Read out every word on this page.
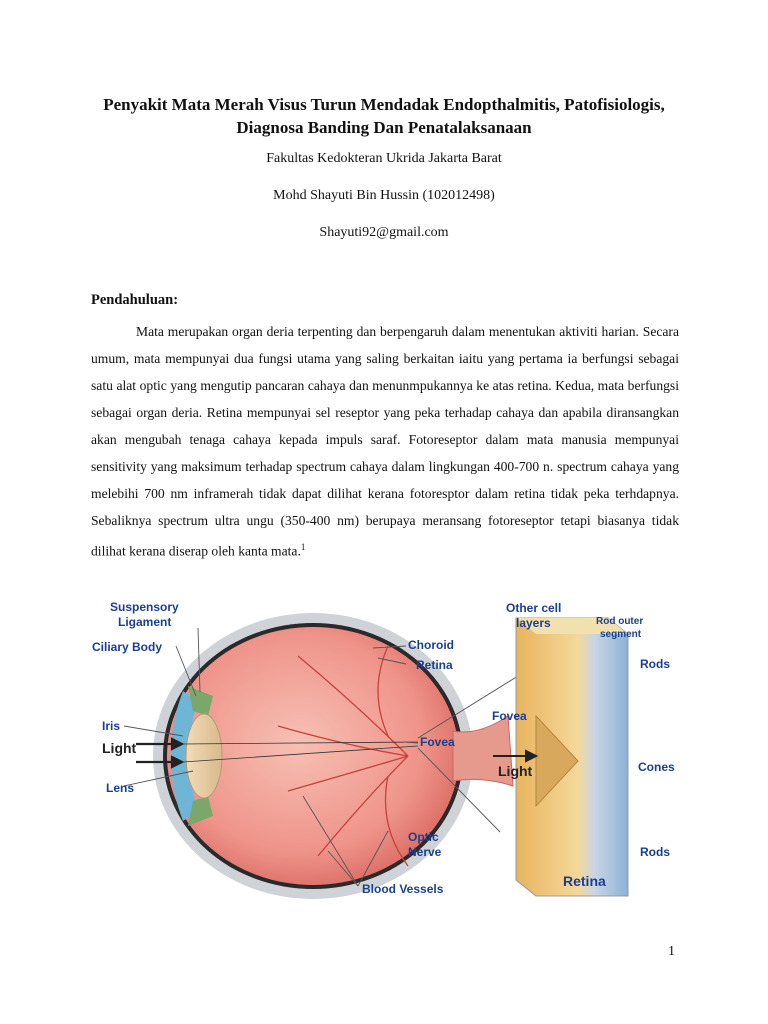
Penyakit Mata Merah Visus Turun Mendadak Endopthalmitis, Patofisiologis,
Diagnosa Banding Dan Penatalaksanaan
Fakultas Kedokteran Ukrida Jakarta Barat
Mohd Shayuti Bin Hussin (102012498)
Shayuti92@gmail.com
Pendahuluan:
Mata merupakan organ deria terpenting dan berpengaruh dalam menentukan aktiviti harian. Secara umum, mata mempunyai dua fungsi utama yang saling berkaitan iaitu yang pertama ia berfungsi sebagai satu alat optic yang mengutip pancaran cahaya dan menunmpukannya ke atas retina. Kedua, mata berfungsi sebagai organ deria. Retina mempunyai sel reseptor yang peka terhadap cahaya dan apabila diransangkan akan mengubah tenaga cahaya kepada impuls saraf. Fotoreseptor dalam mata manusia mempunyai sensitivity yang maksimum terhadap spectrum cahaya dalam lingkungan 400-700 n. spectrum cahaya yang melebihi 700 nm inframerah tidak dapat dilihat kerana fotoresptor dalam retina tidak peka terhdapnya. Sebaliknya spectrum ultra ungu (350-400 nm) berupaya meransang fotoreseptor tetapi biasanya tidak dilihat kerana diserap oleh kanta mata.$^1$
Suspensory
Ligament
Ciliary Body
Iris
Light
Lens
Choroid
Retina
Fovea
Optic
Nerve
Blood Vessels
Other cell
layers	Rod outer
segment
Rods
Fovea
Light	Cones
Rods
Retina
1
